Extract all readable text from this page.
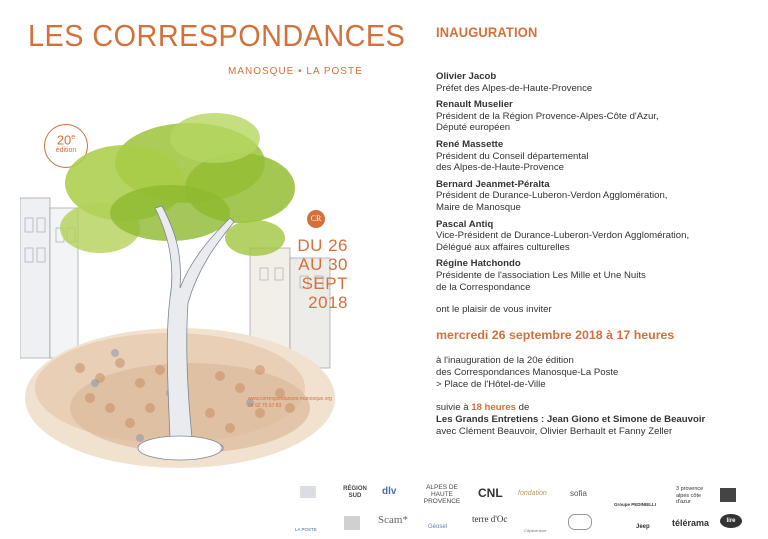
LES CORRESPONDANCES
MANOSQUE • LA POSTE
20e
édition
CR
DU 26
AU 30
SEPT
2018
www.correspondances-manosque.org
04 92 75 67 83
INAUGURATION
Olivier Jacob
Préfet des Alpes-de-Haute-Provence
Renault Muselier
Président de la Région Provence-Alpes-Côte d'Azur,
Député européen
René Massette
Président du Conseil départemental
des Alpes-de-Haute-Provence
Bernard Jeanmet-Péralta
Président de Durance-Luberon-Verdon Agglomération,
Maire de Manosque
Pascal Antiq
Vice-Président de Durance-Luberon-Verdon Agglomération,
Délégué aux affaires culturelles
Régine Hatchondo
Présidente de l'association Les Mille et Une Nuits
de la Correspondance
ont le plaisir de vous inviter
mercredi 26 septembre 2018 à 17 heures
à l'inauguration de la 20e édition
des Correspondances Manosque-La Poste
> Place de l'Hôtel-de-Ville
suivie à 18 heures de
Les Grands Entretiens : Jean Giono et Simone de Beauvoir
avec Clément Beauvoir, Olivier Berhault et Fanny Zeller
RÉGION SUD	dlv	ALPES DE HAUTE PROVENCE
CNL fondation	sofia
Groupe PEDINIELLI
3 provence alpes côte d'azur
LA POSTE
Scam*
Géosel
terre d'Oc
Cityaventure
Jeep télérama	lire
